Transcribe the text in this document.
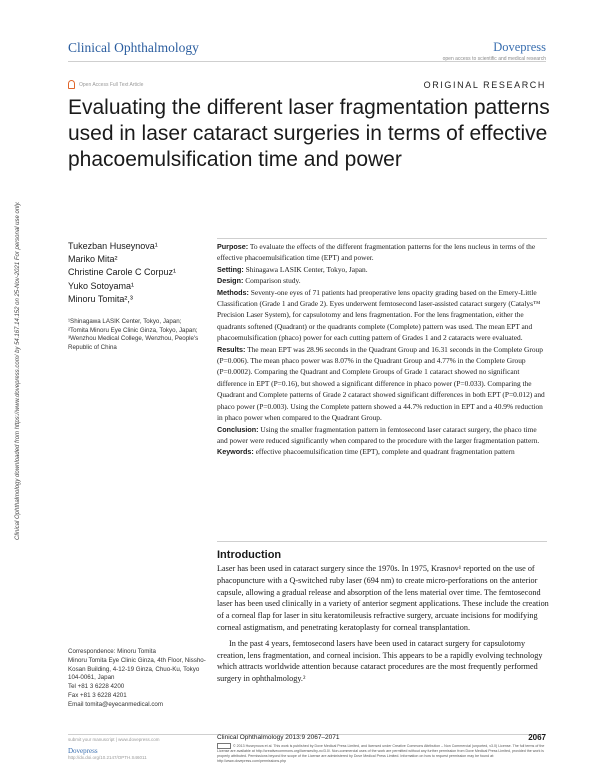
Clinical Ophthalmology	Dovepress
open access to scientific and medical research
Open Access Full Text Article	ORIGINAL RESEARCH
Evaluating the different laser fragmentation patterns used in laser cataract surgeries in terms of effective phacoemulsification time and power
Clinical Ophthalmology downloaded from https://www.dovepress.com/ by 54.167.14.152 on 25-Nov-2021 For personal use only.	Tukezban Huseynova¹
Mariko Mita²
Christine Carole C Corpuz¹
Yuko Sotoyama¹
Minoru Tomita²,³
¹Shinagawa LASIK Center, Tokyo, Japan; ²Tomita Minoru Eye Clinic Ginza, Tokyo, Japan; ³Wenzhou Medical College, Wenzhou, People's Republic of China

Purpose: To evaluate the effects of the different fragmentation patterns for the lens nucleus in terms of the effective phacoemulsification time (EPT) and power.

Setting: Shinagawa LASIK Center, Tokyo, Japan.

Design: Comparison study.

Methods: Seventy-one eyes of 71 patients had preoperative lens opacity grading based on the Emery-Little Classification (Grade 1 and Grade 2). Eyes underwent femtosecond laser-assisted cataract surgery (Catalys™ Precision Laser System), for capsulotomy and lens fragmentation. For the lens fragmentation, either the quadrants softened (Quadrant) or the quadrants complete (Complete) pattern was used. The mean EPT and phacoemulsification (phaco) power for each cutting pattern of Grades 1 and 2 cataracts were evaluated.

Results: The mean EPT was 28.96 seconds in the Quadrant Group and 16.31 seconds in the Complete Group (P=0.006). The mean phaco power was 8.07% in the Quadrant Group and 4.77% in the Complete Group (P=0.0002). Comparing the Quadrant and Complete Groups of Grade 1 cataract showed no significant difference in EPT (P=0.16), but showed a significant difference in phaco power (P=0.033). Comparing the Quadrant and Complete patterns of Grade 2 cataract showed significant differences in both EPT (P=0.012) and phaco power (P=0.003). Using the Complete pattern showed a 44.7% reduction in EPT and a 40.9% reduction in phaco power when compared to the Quadrant Group.

Conclusion: Using the smaller fragmentation pattern in femtosecond laser cataract surgery, the phaco time and power were reduced significantly when compared to the procedure with the larger fragmentation pattern.

Keywords: effective phacoemulsification time (EPT), complete and quadrant fragmentation pattern

Introduction

Laser has been used in cataract surgery since the 1970s. In 1975, Krasnov¹ reported on the use of phacopuncture with a Q-switched ruby laser (694 nm) to create micro-perforations on the anterior capsule, allowing a gradual release and absorption of the lens material over time. The femtosecond laser has been used clinically in a variety of anterior segment applications. These include the creation of a corneal flap for laser in situ keratomileusis refractive surgery, arcuate incisions for modifying corneal astigmatism, and penetrating keratoplasty for corneal transplantation.

In the past 4 years, femtosecond lasers have been used in cataract surgery for capsulotomy creation, lens fragmentation, and corneal incision. This appears to be a rapidly evolving technology which attracts worldwide attention because cataract procedures are the most frequently performed surgery in ophthalmology.²

Correspondence: Minoru Tomita
Minoru Tomita Eye Clinic Ginza, 4th Floor, Nissho-Kosan Building, 4-12-19 Ginza, Chuo-Ku, Tokyo 104-0061, Japan
Tel +81 3 6228 4200
Fax +81 3 6228 4201
Email tomita@eyecanmedical.com
submit your manuscript | www.dovepress.com
Dovepress
http://dx.doi.org/10.2147/OPTH.S46011
Clinical Ophthalmology 2013:9 2067–2071	2067
© 2013 Huseynova et al. This work is published by Dove Medical Press Limited, and licensed under Creative Commons Attribution – Non Commercial (unported, v3.0) License. The full terms of the License are available at http://creativecommons.org/licenses/by-nc/3.0/. Non-commercial uses of the work are permitted without any further permission from Dove Medical Press Limited, provided the work is properly attributed. Permissions beyond the scope of the License are administered by Dove Medical Press Limited. Information on how to request permission may be found at: http://www.dovepress.com/permissions.php
